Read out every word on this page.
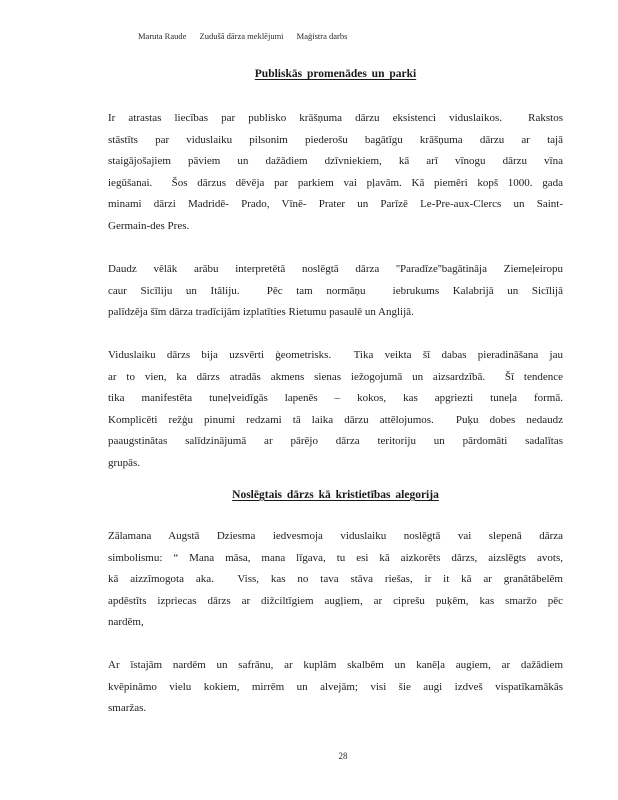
Maruta Raude Zudušā dārza meklējumi Maģistra darbs
Publiskās promenādes un parki
Ir atrastas liecības par publisko krāšņuma dārzu eksistenci viduslaikos.  Rakstos
stāstīts par viduslaiku pilsonim piederošu bagātīgu krāšņuma dārzu ar tajā
staigājošajiem pāviem un dažādiem dzīvniekiem, kā arī vīnogu dārzu vīna
iegūšanai.  Šos dārzus dēvēja par parkiem vai pļavām. Kā piemēri kopš 1000. gada
minami dārzi Madridē- Prado, Vīnē- Prater un Parīzē Le-Pre-aux-Clercs un Saint-
Germain-des Pres.
Daudz vēlāk arābu interpretētā noslēgtā dārza ''Paradīze''bagātināja Ziemeļeiropu
caur Sicīliju un Itāliju.  Pēc tam normāņu  iebrukums Kalabrijā un Sicīlijā
palīdzēja šīm dārza tradīcijām izplatīties Rietumu pasaulē un Anglijā.
Viduslaiku dārzs bija uzsvērti ģeometrisks.  Tika veikta šī dabas pieradināšana jau
ar to vien, ka dārzs atradās akmens sienas iežogojumā un aizsardzībā.  Šī tendence
tika manifestēta tuneļveidīgās lapenēs – kokos, kas apgriezti tuneļa formā.
Komplicēti režģu pinumi redzami tā laika dārzu attēlojumos.  Puķu dobes nedaudz
paaugstinātas salīdzinājumā ar pārējo dārza teritoriju un pārdomāti sadalītas
grupās.
Noslēgtais dārzs kā kristietības alegorija
Zālamana Augstā Dziesma iedvesmoja viduslaiku noslēgtā vai slepenā dārza
simbolismu: “ Mana māsa, mana līgava, tu esi kā aizkorēts dārzs, aizslēgts avots,
kā aizzīmogota aka.  Viss, kas no tava stāva riešas, ir it kā ar granātābelēm
apdēstīts izpriecas dārzs ar dižciltīgiem augļiem, ar ciprešu puķēm, kas smaržo pēc
nardēm,
Ar īstajām nardēm un safrānu, ar kuplām skalbēm un kanēļa augiem, ar dažādiem
kvēpināmo vielu kokiem, mirrēm un alvejām; visi šie augi izdveš vispatīkamākās
smaržas.
28
